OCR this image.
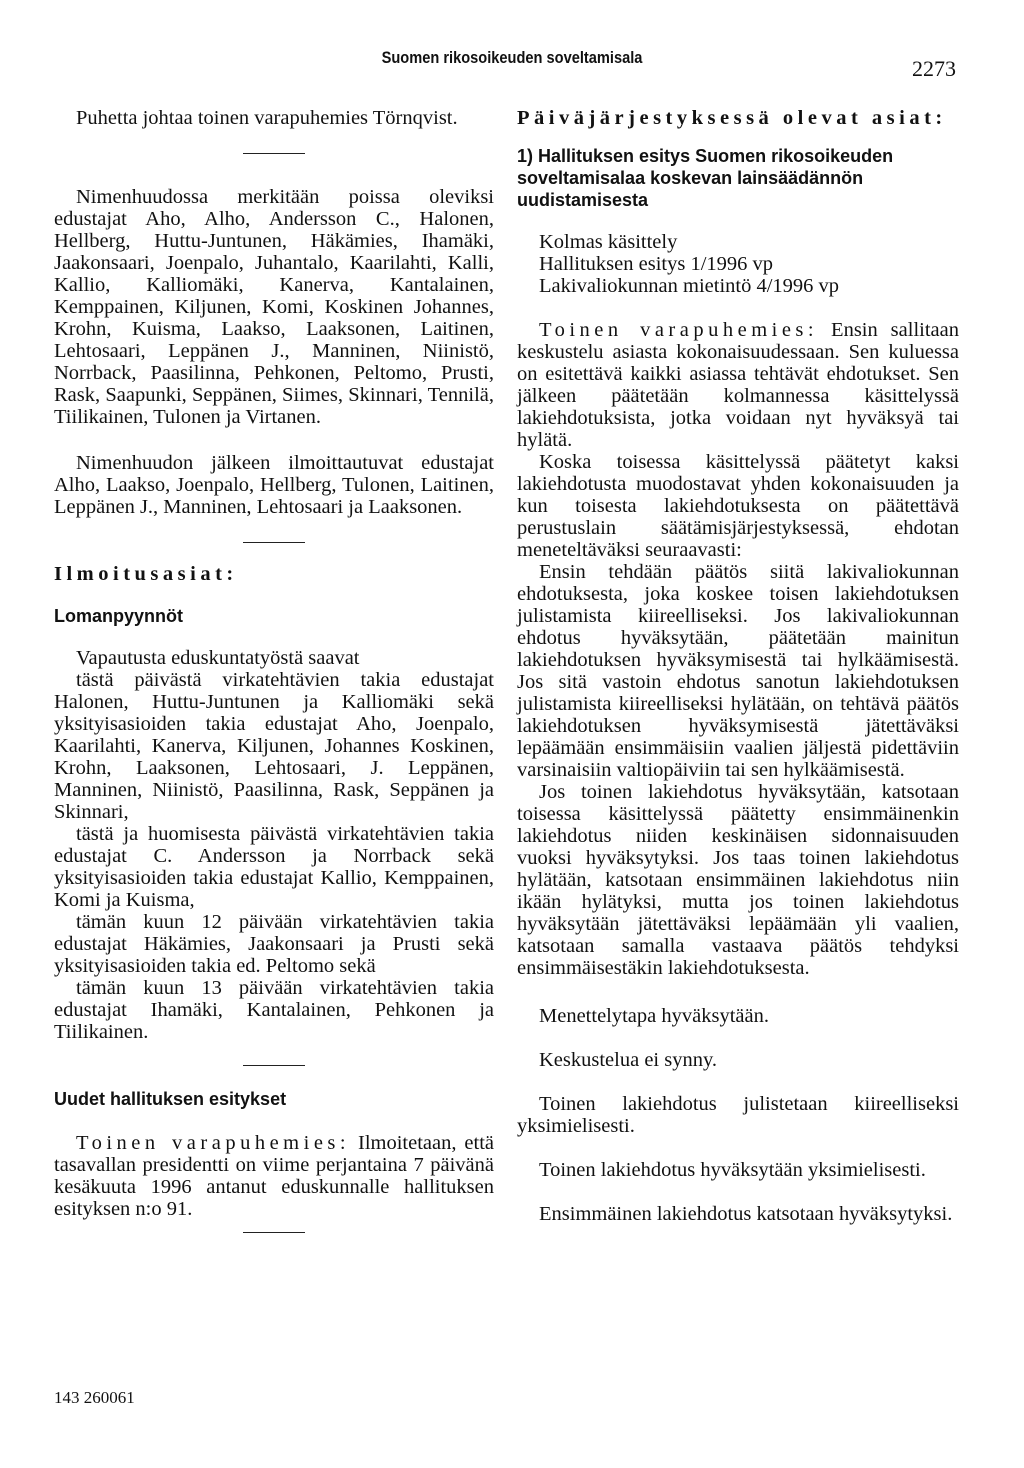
Suomen rikosoikeuden soveltamisala	2273

Puhetta johtaa toinen varapuhemies Törnqvist.

Nimenhuudossa merkitään poissa oleviksi edustajat Aho, Alho, Andersson C., Halonen, Hellberg, Huttu-Juntunen, Häkämies, Ihamäki, Jaakonsaari, Joenpalo, Juhantalo, Kaarilahti, Kalli, Kallio, Kalliomäki, Kanerva, Kantalainen, Kemppainen, Kiljunen, Komi, Koskinen Johannes, Krohn, Kuisma, Laakso, Laaksonen, Laitinen, Lehtosaari, Leppänen J., Manninen, Niinistö, Norrback, Paasilinna, Pehkonen, Peltomo, Prusti, Rask, Saapunki, Seppänen, Siimes, Skinnari, Tennilä, Tiilikainen, Tulonen ja Virtanen.

Nimenhuudon jälkeen ilmoittautuvat edustajat Alho, Laakso, Joenpalo, Hellberg, Tulonen, Laitinen, Leppänen J., Manninen, Lehtosaari ja Laaksonen.

Ilmoitusasiat:

Lomanpyynnöt

Vapautusta eduskuntatyöstä saavat

tästä päivästä virkatehtävien takia edustajat Halonen, Huttu-Juntunen ja Kalliomäki sekä yksityisasioiden takia edustajat Aho, Joenpalo, Kaarilahti, Kanerva, Kiljunen, Johannes Koskinen, Krohn, Laaksonen, Lehtosaari, J. Leppänen, Manninen, Niinistö, Paasilinna, Rask, Seppänen ja Skinnari,

tästä ja huomisesta päivästä virkatehtävien takia edustajat C. Andersson ja Norrback sekä yksityisasioiden takia edustajat Kallio, Kemppainen, Komi ja Kuisma,

tämän kuun 12 päivään virkatehtävien takia edustajat Häkämies, Jaakonsaari ja Prusti sekä yksityisasioiden takia ed. Peltomo sekä

tämän kuun 13 päivään virkatehtävien takia edustajat Ihamäki, Kantalainen, Pehkonen ja Tiilikainen.

Uudet hallituksen esitykset

Toinen varapuhemies: Ilmoitetaan, että tasavallan presidentti on viime perjantaina 7 päivänä kesäkuuta 1996 antanut eduskunnalle hallituksen esityksen n:o 91.

Päiväjärjestyksessä olevat asiat:

1) Hallituksen esitys Suomen rikosoikeuden soveltamisalaa koskevan lainsäädännön uudistamisesta

Kolmas käsittely

Hallituksen esitys 1/1996 vp

Lakivaliokunnan mietintö 4/1996 vp

Toinen varapuhemies: Ensin sallitaan keskustelu asiasta kokonaisuudessaan. Sen kuluessa on esitettävä kaikki asiassa tehtävät ehdotukset. Sen jälkeen päätetään kolmannessa käsittelyssä lakiehdotuksista, jotka voidaan nyt hyväksyä tai hylätä.

Koska toisessa käsittelyssä päätetyt kaksi lakiehdotusta muodostavat yhden kokonaisuuden ja kun toisesta lakiehdotuksesta on päätettävä perustuslain säätämisjärjestyksessä, ehdotan meneteltäväksi seuraavasti:

Ensin tehdään päätös siitä lakivaliokunnan ehdotuksesta, joka koskee toisen lakiehdotuksen julistamista kiireelliseksi. Jos lakivaliokunnan ehdotus hyväksytään, päätetään mainitun lakiehdotuksen hyväksymisestä tai hylkäämisestä. Jos sitä vastoin ehdotus sanotun lakiehdotuksen julistamista kiireelliseksi hylätään, on tehtävä päätös lakiehdotuksen hyväksymisestä jätettäväksi lepäämään ensimmäisiin vaalien jäljestä pidettäviin varsinaisiin valtiopäiviin tai sen hylkäämisestä.

Jos toinen lakiehdotus hyväksytään, katsotaan toisessa käsittelyssä päätetty ensimmäinenkin lakiehdotus niiden keskinäisen sidonnaisuuden vuoksi hyväksytyksi. Jos taas toinen lakiehdotus hylätään, katsotaan ensimmäinen lakiehdotus niin ikään hylätyksi, mutta jos toinen lakiehdotus hyväksytään jätettäväksi lepäämään yli vaalien, katsotaan samalla vastaava päätös tehdyksi ensimmäisestäkin lakiehdotuksesta.

Menettelytapa hyväksytään.

Keskustelua ei synny.

Toinen lakiehdotus julistetaan kiireelliseksi yksimielisesti.

Toinen lakiehdotus hyväksytään yksimielisesti.

Ensimmäinen lakiehdotus katsotaan hyväksytyksi.

143 260061
